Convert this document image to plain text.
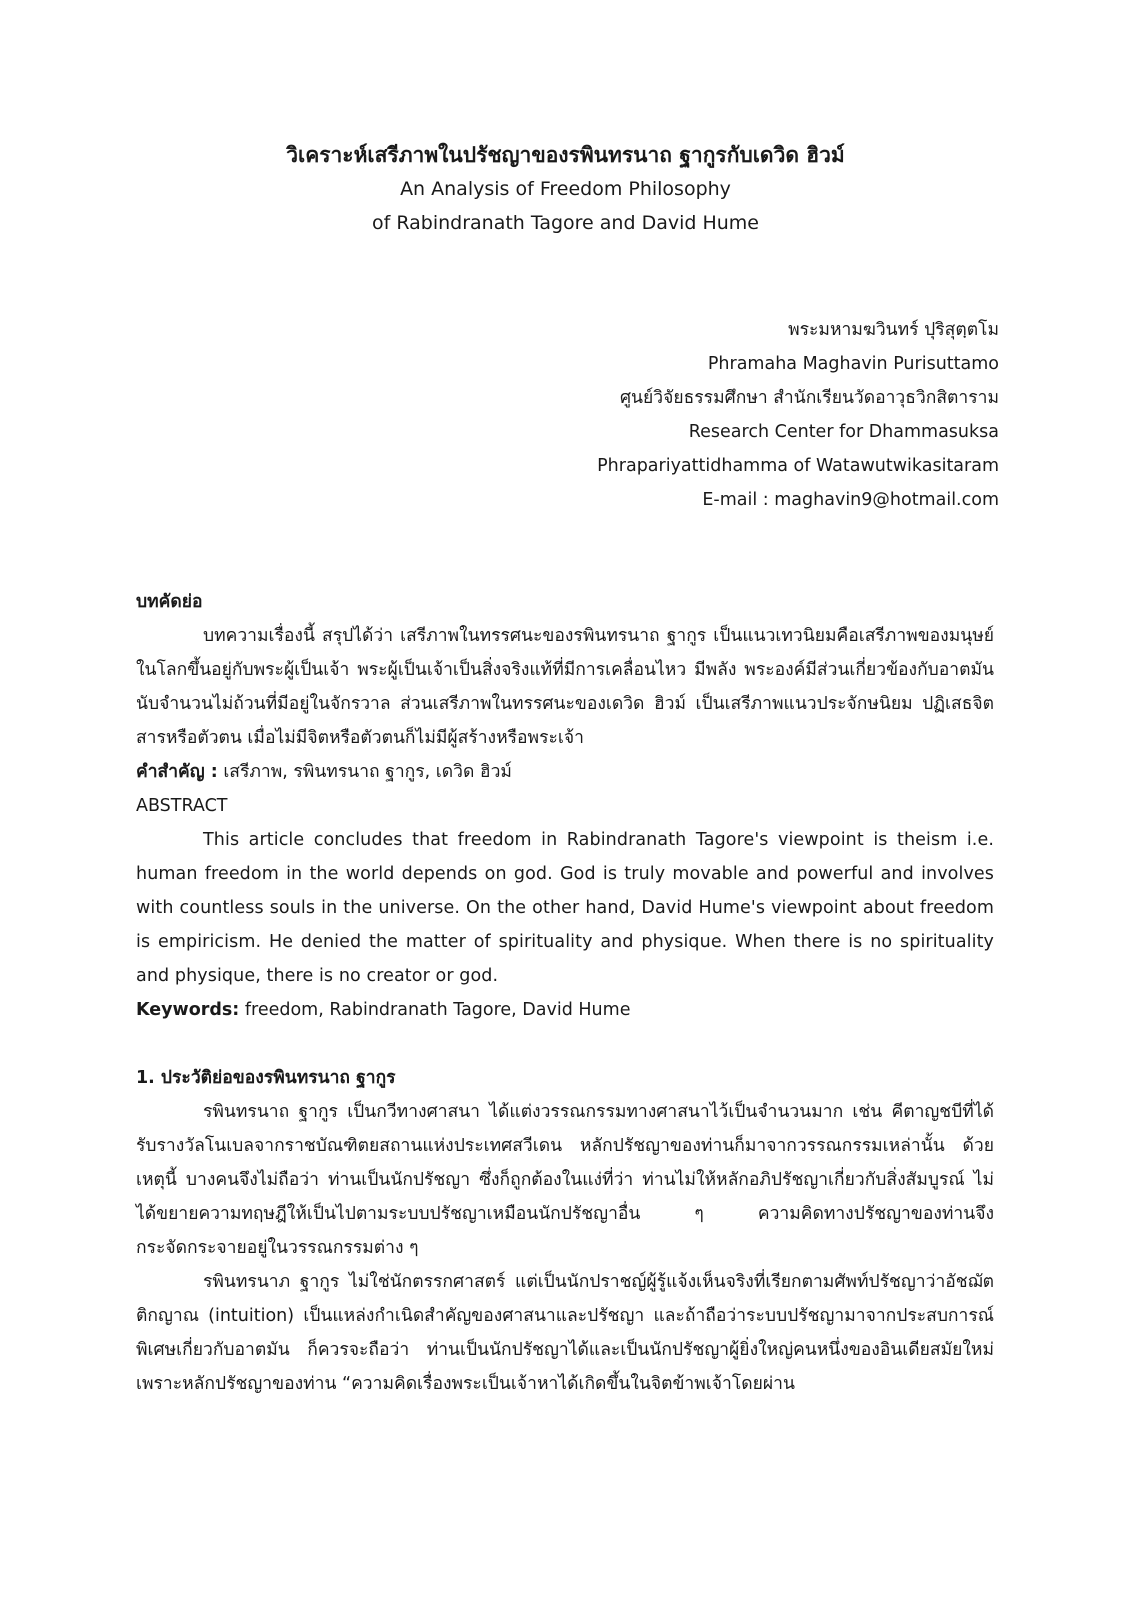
วิเคราะห์เสรีภาพในปรัชญาของรพินทรนาถ ฐากูรกับเดวิด ฮิวม์

An Analysis of Freedom Philosophy

of Rabindranath Tagore and David Hume

พระมหามฆวินทร์ ปุริสุตฺตโม
Phramaha Maghavin Purisuttamo
ศูนย์วิจัยธรรมศึกษา สำนักเรียนวัดอาวุธวิกสิตาราม
Research Center for Dhammasuksa
Phrapariyattidhamma of Watawutwikasitaram
E-mail : maghavin9@hotmail.com

บทคัดย่อ

บทความเรื่องนี้ สรุปได้ว่า เสรีภาพในทรรศนะของรพินทรนาถ ฐากูร เป็นแนวเทวนิยมคือเสรีภาพของมนุษย์ในโลกขึ้นอยู่กับพระผู้เป็นเจ้า พระผู้เป็นเจ้าเป็นสิ่งจริงแท้ที่มีการเคลื่อนไหว มีพลัง พระองค์มีส่วนเกี่ยวข้องกับอาตมันนับจำนวนไม่ถ้วนที่มีอยู่ในจักรวาล ส่วนเสรีภาพในทรรศนะของเดวิด ฮิวม์ เป็นเสรีภาพแนวประจักษนิยม ปฏิเสธจิตสารหรือตัวตน เมื่อไม่มีจิตหรือตัวตนก็ไม่มีผู้สร้างหรือพระเจ้า

คำสำคัญ : เสรีภาพ, รพินทรนาถ ฐากูร, เดวิด ฮิวม์

ABSTRACT

This article concludes that freedom in Rabindranath Tagore's viewpoint is theism i.e. human freedom in the world depends on god. God is truly movable and powerful and involves with countless souls in the universe. On the other hand, David Hume's viewpoint about freedom is empiricism. He denied the matter of spirituality and physique. When there is no spirituality and physique, there is no creator or god.

Keywords: freedom, Rabindranath Tagore, David Hume

1. ประวัติย่อของรพินทรนาถ ฐากูร

รพินทรนาถ ฐากูร เป็นกวีทางศาสนา ได้แต่งวรรณกรรมทางศาสนาไว้เป็นจำนวนมาก เช่น คีตาญชบีที่ได้รับรางวัลโนเบลจากราชบัณฑิตยสถานแห่งประเทศสวีเดน หลักปรัชญาของท่านก็มาจากวรรณกรรมเหล่านั้น ด้วยเหตุนี้ บางคนจึงไม่ถือว่า ท่านเป็นนักปรัชญา ซึ่งก็ถูกต้องในแง่ที่ว่า ท่านไม่ให้หลักอภิปรัชญาเกี่ยวกับสิ่งสัมบูรณ์ ไม่ได้ขยายความทฤษฎีให้เป็นไปตามระบบปรัชญาเหมือนนักปรัชญาอื่น ๆ ความคิดทางปรัชญาของท่านจึงกระจัดกระจายอยู่ในวรรณกรรมต่าง ๆ

รพินทรนาภ ฐากูร ไม่ใช่นักตรรกศาสตร์ แต่เป็นนักปราชญ์ผู้รู้แจ้งเห็นจริงที่เรียกตามศัพท์ปรัชญาว่าอัชฌัตติกญาณ (intuition) เป็นแหล่งกำเนิดสำคัญของศาสนาและปรัชญา และถ้าถือว่าระบบปรัชญามาจากประสบการณ์พิเศษเกี่ยวกับอาตมัน ก็ควรจะถือว่า ท่านเป็นนักปรัชญาได้และเป็นนักปรัชญาผู้ยิ่งใหญ่คนหนึ่งของอินเดียสมัยใหม่ เพราะหลักปรัชญาของท่าน “ความคิดเรื่องพระเป็นเจ้าหาได้เกิดขึ้นในจิตข้าพเจ้าโดยผ่าน
